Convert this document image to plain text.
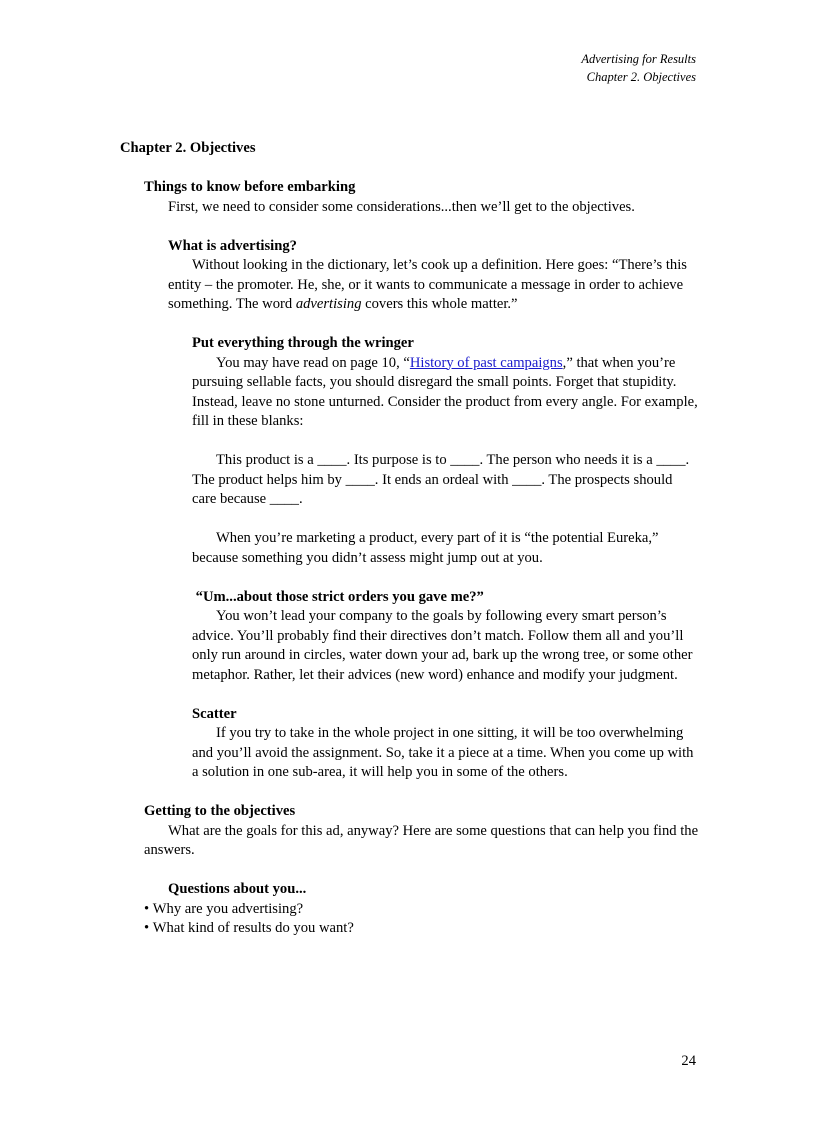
Advertising for Results
Chapter 2. Objectives

Chapter 2. Objectives

Things to know before embarking

First, we need to consider some considerations...then we’ll get to the objectives.

What is advertising?

Without looking in the dictionary, let’s cook up a definition. Here goes: “There’s this entity – the promoter. He, she, or it wants to communicate a message in order to achieve something. The word advertising covers this whole matter.”

Put everything through the wringer

You may have read on page 10, “History of past campaigns,” that when you’re pursuing sellable facts, you should disregard the small points. Forget that stupidity. Instead, leave no stone unturned. Consider the product from every angle. For example, fill in these blanks:

This product is a ____. Its purpose is to ____. The person who needs it is a ____. The product helps him by ____. It ends an ordeal with ____. The prospects should care because ____.

When you’re marketing a product, every part of it is “the potential Eureka,” because something you didn’t assess might jump out at you.

“Um...about those strict orders you gave me?”

You won’t lead your company to the goals by following every smart person’s advice. You’ll probably find their directives don’t match. Follow them all and you’ll only run around in circles, water down your ad, bark up the wrong tree, or some other metaphor. Rather, let their advices (new word) enhance and modify your judgment.

Scatter

If you try to take in the whole project in one sitting, it will be too overwhelming and you’ll avoid the assignment. So, take it a piece at a time. When you come up with a solution in one sub-area, it will help you in some of the others.

Getting to the objectives

What are the goals for this ad, anyway? Here are some questions that can help you find the answers.

Questions about you...

• Why are you advertising?
• What kind of results do you want?
24
